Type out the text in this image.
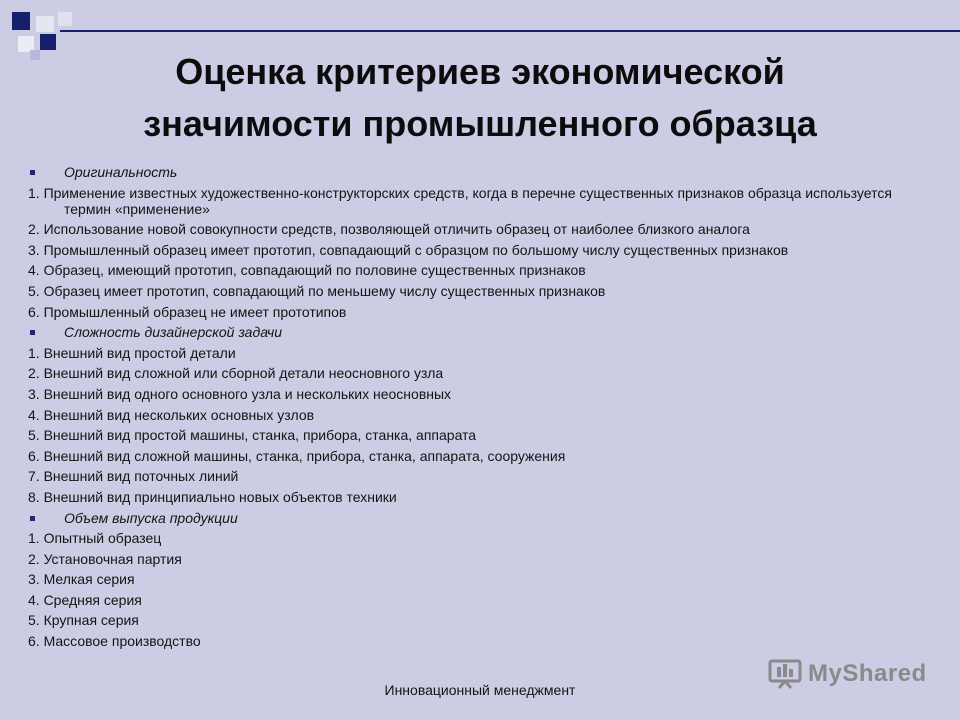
Оценка критериев экономической
значимости промышленного образца
Оригинальность
1. Применение известных художественно-конструкторских средств, когда в перечне существенных признаков образца используется термин «применение»
2. Использование новой совокупности средств, позволяющей отличить образец от наиболее близкого аналога
3. Промышленный образец имеет прототип, совпадающий с образцом по большому числу существенных признаков
4. Образец, имеющий прототип, совпадающий по половине существенных признаков
5. Образец имеет прототип, совпадающий по меньшему числу существенных признаков
6. Промышленный образец не имеет прототипов
Сложность дизайнерской задачи
1. Внешний вид простой детали
2. Внешний вид сложной или сборной детали неосновного узла
3. Внешний вид одного основного узла и нескольких неосновных
4. Внешний вид нескольких основных узлов
5. Внешний вид простой машины, станка, прибора, станка, аппарата
6. Внешний вид сложной машины, станка, прибора, станка, аппарата, сооружения
7. Внешний вид поточных линий
8. Внешний вид принципиально новых объектов техники
Объем выпуска продукции
1. Опытный образец
2. Установочная партия
3. Мелкая серия
4. Средняя серия
5. Крупная серия
6. Массовое производство
Инновационный менеджмент
MyShared
